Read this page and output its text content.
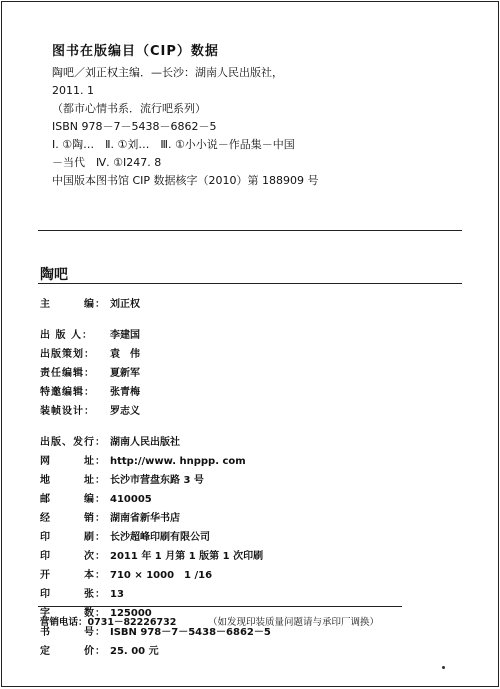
图书在版编目（CIP）数据

陶吧／刘正权主编．—长沙：湖南人民出版社，

2011. 1

（都市心情书系．流行吧系列）

ISBN 978－7－5438－6862－5

Ⅰ. ①陶…　Ⅱ. ①刘…　Ⅲ. ①小小说－作品集－中国

－当代　Ⅳ. ①I247. 8

中国版本图书馆 CIP 数据核字（2010）第 188909 号

陶吧

主　　　编： 刘正权
出 版 人：	李建国
出版策划：	袁　伟
责任编辑：	夏新军
特邀编辑：	张青梅
装帧设计：	罗志义
出版、发行： 湖南人民出版社
网　　　址： http://www. hnppp. com
地　　　址： 长沙市营盘东路 3 号
邮　　　编： 410005
经　　　销： 湖南省新华书店
印　　　刷： 长沙超峰印刷有限公司
印　　　次： 2011 年 1 月第 1 版第 1 次印刷
开　　　本： 710 × 1000　1 /16
印　　　张： 13
字　　　数： 125000
书　　　号： ISBN 978－7－5438－6862－5
定　　　价： 25. 00 元
营销电话：0731－82226732	（如发现印装质量问题请与承印厂调换）
